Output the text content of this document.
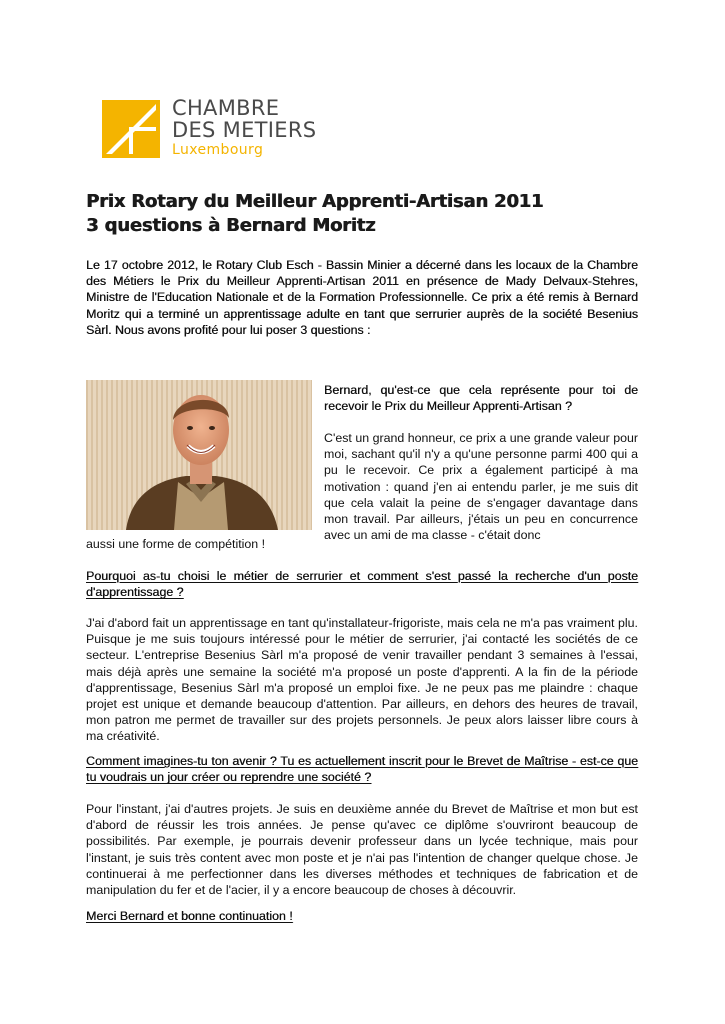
CHAMBRE
DES METIERS
Luxembourg
Prix Rotary du Meilleur Apprenti-Artisan 2011
3 questions à Bernard Moritz

Le 17 octobre 2012, le Rotary Club Esch - Bassin Minier a décerné dans les locaux de la Chambre des Métiers le Prix du Meilleur Apprenti-Artisan 2011 en présence de Mady Delvaux-Stehres, Ministre de l'Education Nationale et de la Formation Professionnelle. Ce prix a été remis à Bernard Moritz qui a terminé un apprentissage adulte en tant que serrurier auprès de la société Besenius Sàrl. Nous avons profité pour lui poser 3 questions :

Bernard, qu'est-ce que cela représente pour toi de recevoir le Prix du Meilleur Apprenti-Artisan ?

C'est un grand honneur, ce prix a une grande valeur pour moi, sachant qu'il n'y a qu'une personne parmi 400 qui a pu le recevoir. Ce prix a également participé à ma motivation : quand j'en ai entendu parler, je me suis dit que cela valait la peine de s'engager davantage dans mon travail. Par ailleurs, j'étais un peu en concurrence avec un ami de ma classe - c'était donc

aussi une forme de compétition !

Pourquoi as-tu choisi le métier de serrurier et comment s'est passé la recherche d'un poste d'apprentissage ?

J'ai d'abord fait un apprentissage en tant qu'installateur-frigoriste, mais cela ne m'a pas vraiment plu. Puisque je me suis toujours intéressé pour le métier de serrurier, j'ai contacté les sociétés de ce secteur. L'entreprise Besenius Sàrl m'a proposé de venir travailler pendant 3 semaines à l'essai, mais déjà après une semaine la société m'a proposé un poste d'apprenti. A la fin de la période d'apprentissage, Besenius Sàrl m'a proposé un emploi fixe. Je ne peux pas me plaindre : chaque projet est unique et demande beaucoup d'attention. Par ailleurs, en dehors des heures de travail, mon patron me permet de travailler sur des projets personnels. Je peux alors laisser libre cours à ma créativité.

Comment imagines-tu ton avenir ? Tu es actuellement inscrit pour le Brevet de Maîtrise - est-ce que tu voudrais un jour créer ou reprendre une société ?

Pour l'instant, j'ai d'autres projets. Je suis en deuxième année du Brevet de Maîtrise et mon but est d'abord de réussir les trois années. Je pense qu'avec ce diplôme s'ouvriront beaucoup de possibilités. Par exemple, je pourrais devenir professeur dans un lycée technique, mais pour l'instant, je suis très content avec mon poste et je n'ai pas l'intention de changer quelque chose. Je continuerai à me perfectionner dans les diverses méthodes et techniques de fabrication et de manipulation du fer et de l'acier, il y a encore beaucoup de choses à découvrir.

Merci Bernard et bonne continuation !
